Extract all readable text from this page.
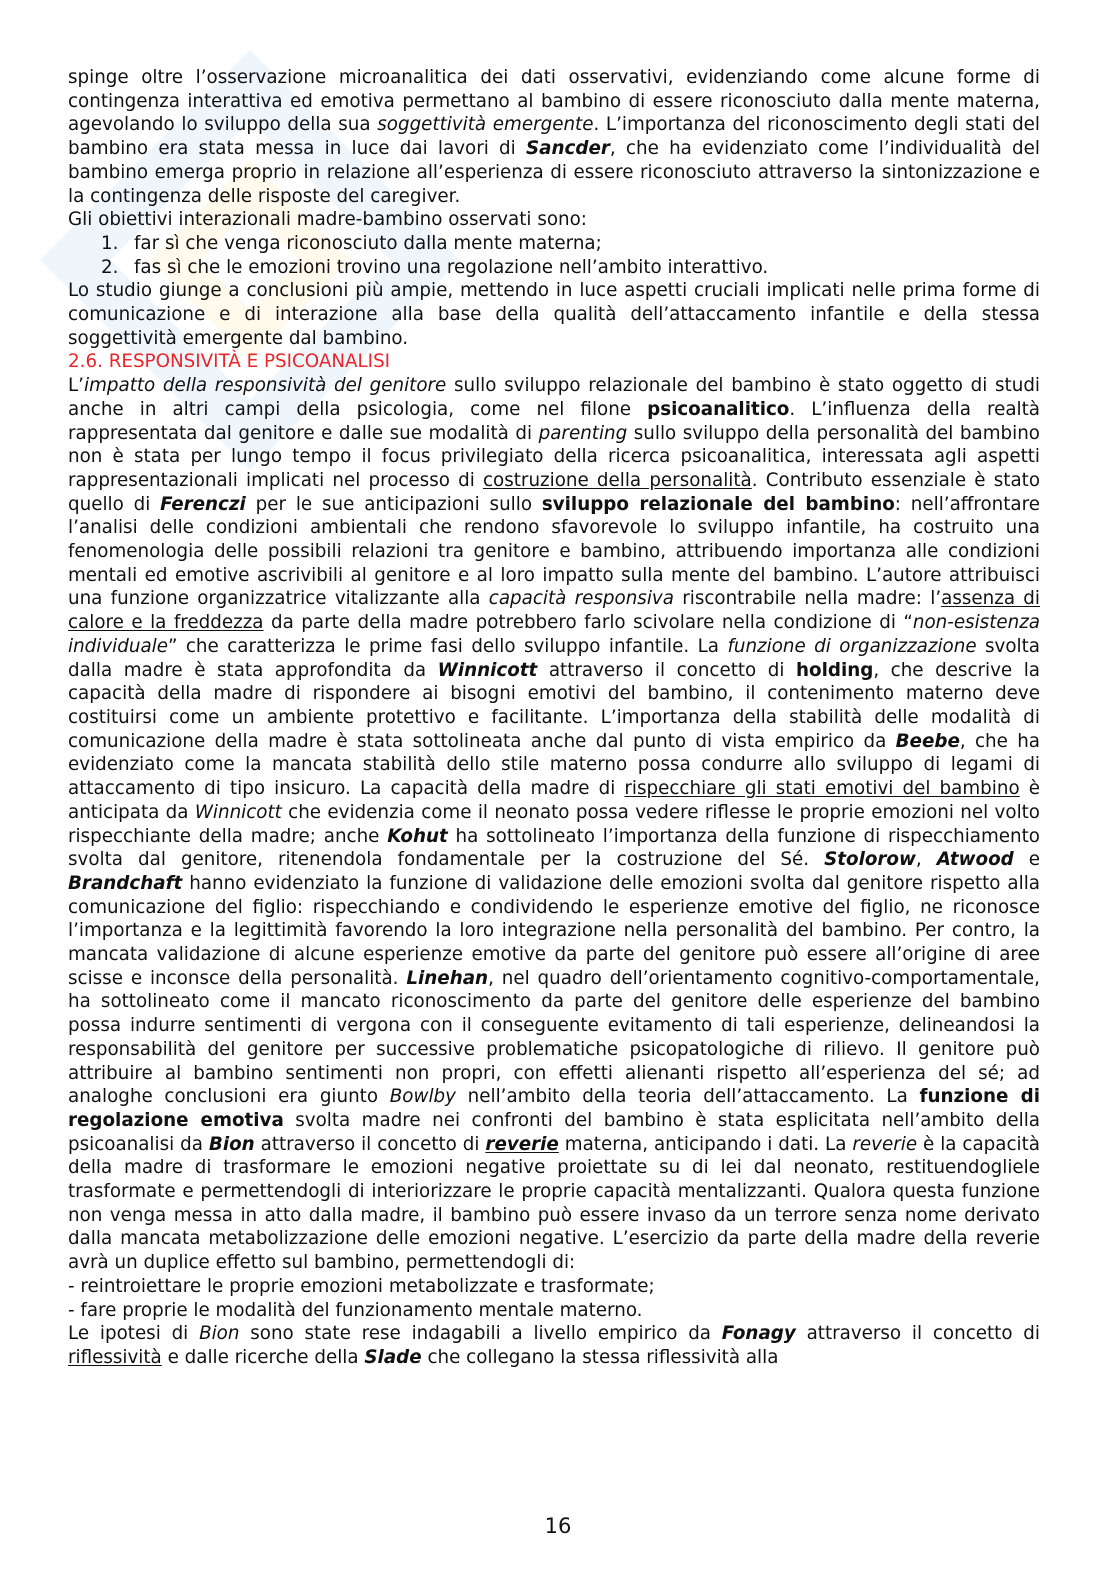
spinge oltre l’osservazione microanalitica dei dati osservativi, evidenziando come alcune forme di contingenza interattiva ed emotiva permettano al bambino di essere riconosciuto dalla mente materna, agevolando lo sviluppo della sua soggettività emergente. L’importanza del riconoscimento degli stati del bambino era stata messa in luce dai lavori di Sancder, che ha evidenziato come l’individualità del bambino emerga proprio in relazione all’esperienza di essere riconosciuto attraverso la sintonizzazione e la contingenza delle risposte del caregiver.

Gli obiettivi interazionali madre-bambino osservati sono:

1. far sì che venga riconosciuto dalla mente materna;

2. fas sì che le emozioni trovino una regolazione nell’ambito interattivo.

Lo studio giunge a conclusioni più ampie, mettendo in luce aspetti cruciali implicati nelle prima forme di comunicazione e di interazione alla base della qualità dell’attaccamento infantile e della stessa soggettività emergente dal bambino.

2.6. RESPONSIVITÀ E PSICOANALISI

L’impatto della responsività del genitore sullo sviluppo relazionale del bambino è stato oggetto di studi anche in altri campi della psicologia, come nel filone psicoanalitico. L’influenza della realtà rappresentata dal genitore e dalle sue modalità di parenting sullo sviluppo della personalità del bambino non è stata per lungo tempo il focus privilegiato della ricerca psicoanalitica, interessata agli aspetti rappresentazionali implicati nel processo di costruzione della personalità. Contributo essenziale è stato quello di Ferenczi per le sue anticipazioni sullo sviluppo relazionale del bambino: nell’affrontare l’analisi delle condizioni ambientali che rendono sfavorevole lo sviluppo infantile, ha costruito una fenomenologia delle possibili relazioni tra genitore e bambino, attribuendo importanza alle condizioni mentali ed emotive ascrivibili al genitore e al loro impatto sulla mente del bambino. L’autore attribuisci una funzione organizzatrice vitalizzante alla capacità responsiva riscontrabile nella madre: l’assenza di calore e la freddezza da parte della madre potrebbero farlo scivolare nella condizione di “non-esistenza individuale” che caratterizza le prime fasi dello sviluppo infantile. La funzione di organizzazione svolta dalla madre è stata approfondita da Winnicott attraverso il concetto di holding, che descrive la capacità della madre di rispondere ai bisogni emotivi del bambino, il contenimento materno deve costituirsi come un ambiente protettivo e facilitante. L’importanza della stabilità delle modalità di comunicazione della madre è stata sottolineata anche dal punto di vista empirico da Beebe, che ha evidenziato come la mancata stabilità dello stile materno possa condurre allo sviluppo di legami di attaccamento di tipo insicuro. La capacità della madre di rispecchiare gli stati emotivi del bambino è anticipata da Winnicott che evidenzia come il neonato possa vedere riflesse le proprie emozioni nel volto rispecchiante della madre; anche Kohut ha sottolineato l’importanza della funzione di rispecchiamento svolta dal genitore, ritenendola fondamentale per la costruzione del Sé. Stolorow, Atwood e Brandchaft hanno evidenziato la funzione di validazione delle emozioni svolta dal genitore rispetto alla comunicazione del figlio: rispecchiando e condividendo le esperienze emotive del figlio, ne riconosce l’importanza e la legittimità favorendo la loro integrazione nella personalità del bambino. Per contro, la mancata validazione di alcune esperienze emotive da parte del genitore può essere all’origine di aree scisse e inconsce della personalità. Linehan, nel quadro dell’orientamento cognitivo-comportamentale, ha sottolineato come il mancato riconoscimento da parte del genitore delle esperienze del bambino possa indurre sentimenti di vergona con il conseguente evitamento di tali esperienze, delineandosi la responsabilità del genitore per successive problematiche psicopatologiche di rilievo. Il genitore può attribuire al bambino sentimenti non propri, con effetti alienanti rispetto all’esperienza del sé; ad analoghe conclusioni era giunto Bowlby nell’ambito della teoria dell’attaccamento. La funzione di regolazione emotiva svolta madre nei confronti del bambino è stata esplicitata nell’ambito della psicoanalisi da Bion attraverso il concetto di reverie materna, anticipando i dati. La reverie è la capacità della madre di trasformare le emozioni negative proiettate su di lei dal neonato, restituendogliele trasformate e permettendogli di interiorizzare le proprie capacità mentalizzanti. Qualora questa funzione non venga messa in atto dalla madre, il bambino può essere invaso da un terrore senza nome derivato dalla mancata metabolizzazione delle emozioni negative. L’esercizio da parte della madre della reverie avrà un duplice effetto sul bambino, permettendogli di:

- reintroiettare le proprie emozioni metabolizzate e trasformate;

- fare proprie le modalità del funzionamento mentale materno.

Le ipotesi di Bion sono state rese indagabili a livello empirico da Fonagy attraverso il concetto di riflessività e dalle ricerche della Slade che collegano la stessa riflessività alla

16
